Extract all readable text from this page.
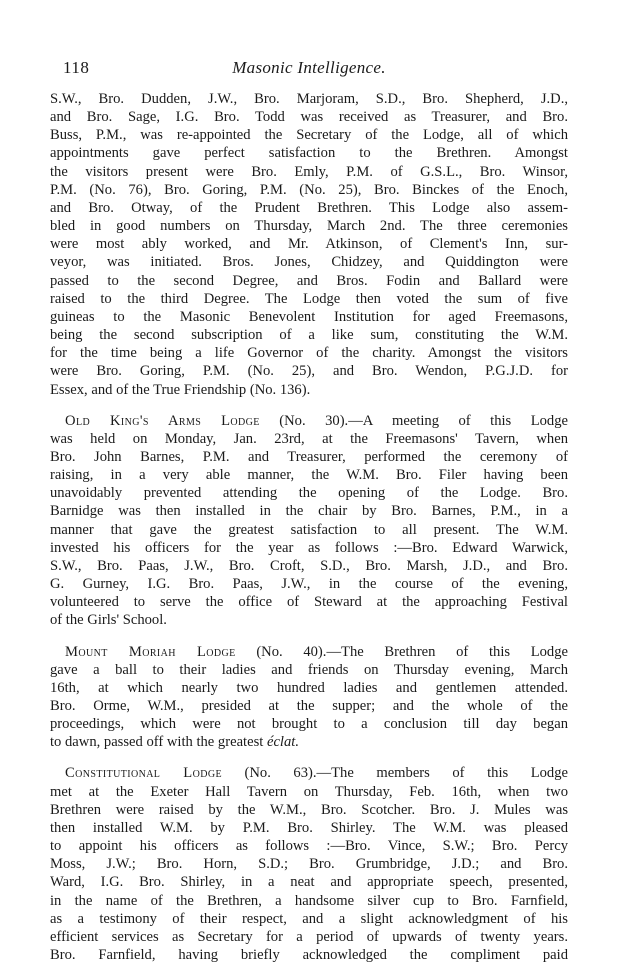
118	Masonic Intelligence.
S.W., Bro. Dudden, J.W., Bro. Marjoram, S.D., Bro. Shepherd, J.D.,
and Bro. Sage, I.G. Bro. Todd was received as Treasurer, and Bro.
Buss, P.M., was re-appointed the Secretary of the Lodge, all of which
appointments gave perfect satisfaction to the Brethren. Amongst
the visitors present were Bro. Emly, P.M. of G.S.L., Bro. Winsor,
P.M. (No. 76), Bro. Goring, P.M. (No. 25), Bro. Binckes of the Enoch,
and Bro. Otway, of the Prudent Brethren. This Lodge also assem-
bled in good numbers on Thursday, March 2nd. The three ceremonies
were most ably worked, and Mr. Atkinson, of Clement's Inn, sur-
veyor, was initiated. Bros. Jones, Chidzey, and Quiddington were
passed to the second Degree, and Bros. Fodin and Ballard were
raised to the third Degree. The Lodge then voted the sum of five
guineas to the Masonic Benevolent Institution for aged Freemasons,
being the second subscription of a like sum, constituting the W.M.
for the time being a life Governor of the charity. Amongst the visitors
were Bro. Goring, P.M. (No. 25), and Bro. Wendon, P.G.J.D. for
Essex, and of the True Friendship (No. 136).
Old King's Arms Lodge (No. 30).—A meeting of this Lodge
was held on Monday, Jan. 23rd, at the Freemasons' Tavern, when
Bro. John Barnes, P.M. and Treasurer, performed the ceremony of
raising, in a very able manner, the W.M. Bro. Filer having been
unavoidably prevented attending the opening of the Lodge. Bro.
Barnidge was then installed in the chair by Bro. Barnes, P.M., in a
manner that gave the greatest satisfaction to all present. The W.M.
invested his officers for the year as follows :—Bro. Edward Warwick,
S.W., Bro. Paas, J.W., Bro. Croft, S.D., Bro. Marsh, J.D., and Bro.
G. Gurney, I.G. Bro. Paas, J.W., in the course of the evening,
volunteered to serve the office of Steward at the approaching Festival
of the Girls' School.
Mount Moriah Lodge (No. 40).—The Brethren of this Lodge
gave a ball to their ladies and friends on Thursday evening, March
16th, at which nearly two hundred ladies and gentlemen attended.
Bro. Orme, W.M., presided at the supper; and the whole of the
proceedings, which were not brought to a conclusion till day began
to dawn, passed off with the greatest éclat.
Constitutional Lodge (No. 63).—The members of this Lodge
met at the Exeter Hall Tavern on Thursday, Feb. 16th, when two
Brethren were raised by the W.M., Bro. Scotcher. Bro. J. Mules was
then installed W.M. by P.M. Bro. Shirley. The W.M. was pleased
to appoint his officers as follows :—Bro. Vince, S.W.; Bro. Percy
Moss, J.W.; Bro. Horn, S.D.; Bro. Grumbridge, J.D.; and Bro.
Ward, I.G. Bro. Shirley, in a neat and appropriate speech, presented,
in the name of the Brethren, a handsome silver cup to Bro. Farnfield,
as a testimony of their respect, and a slight acknowledgment of his
efficient services as Secretary for a period of upwards of twenty years.
Bro. Farnfield, having briefly acknowledged the compliment paid
